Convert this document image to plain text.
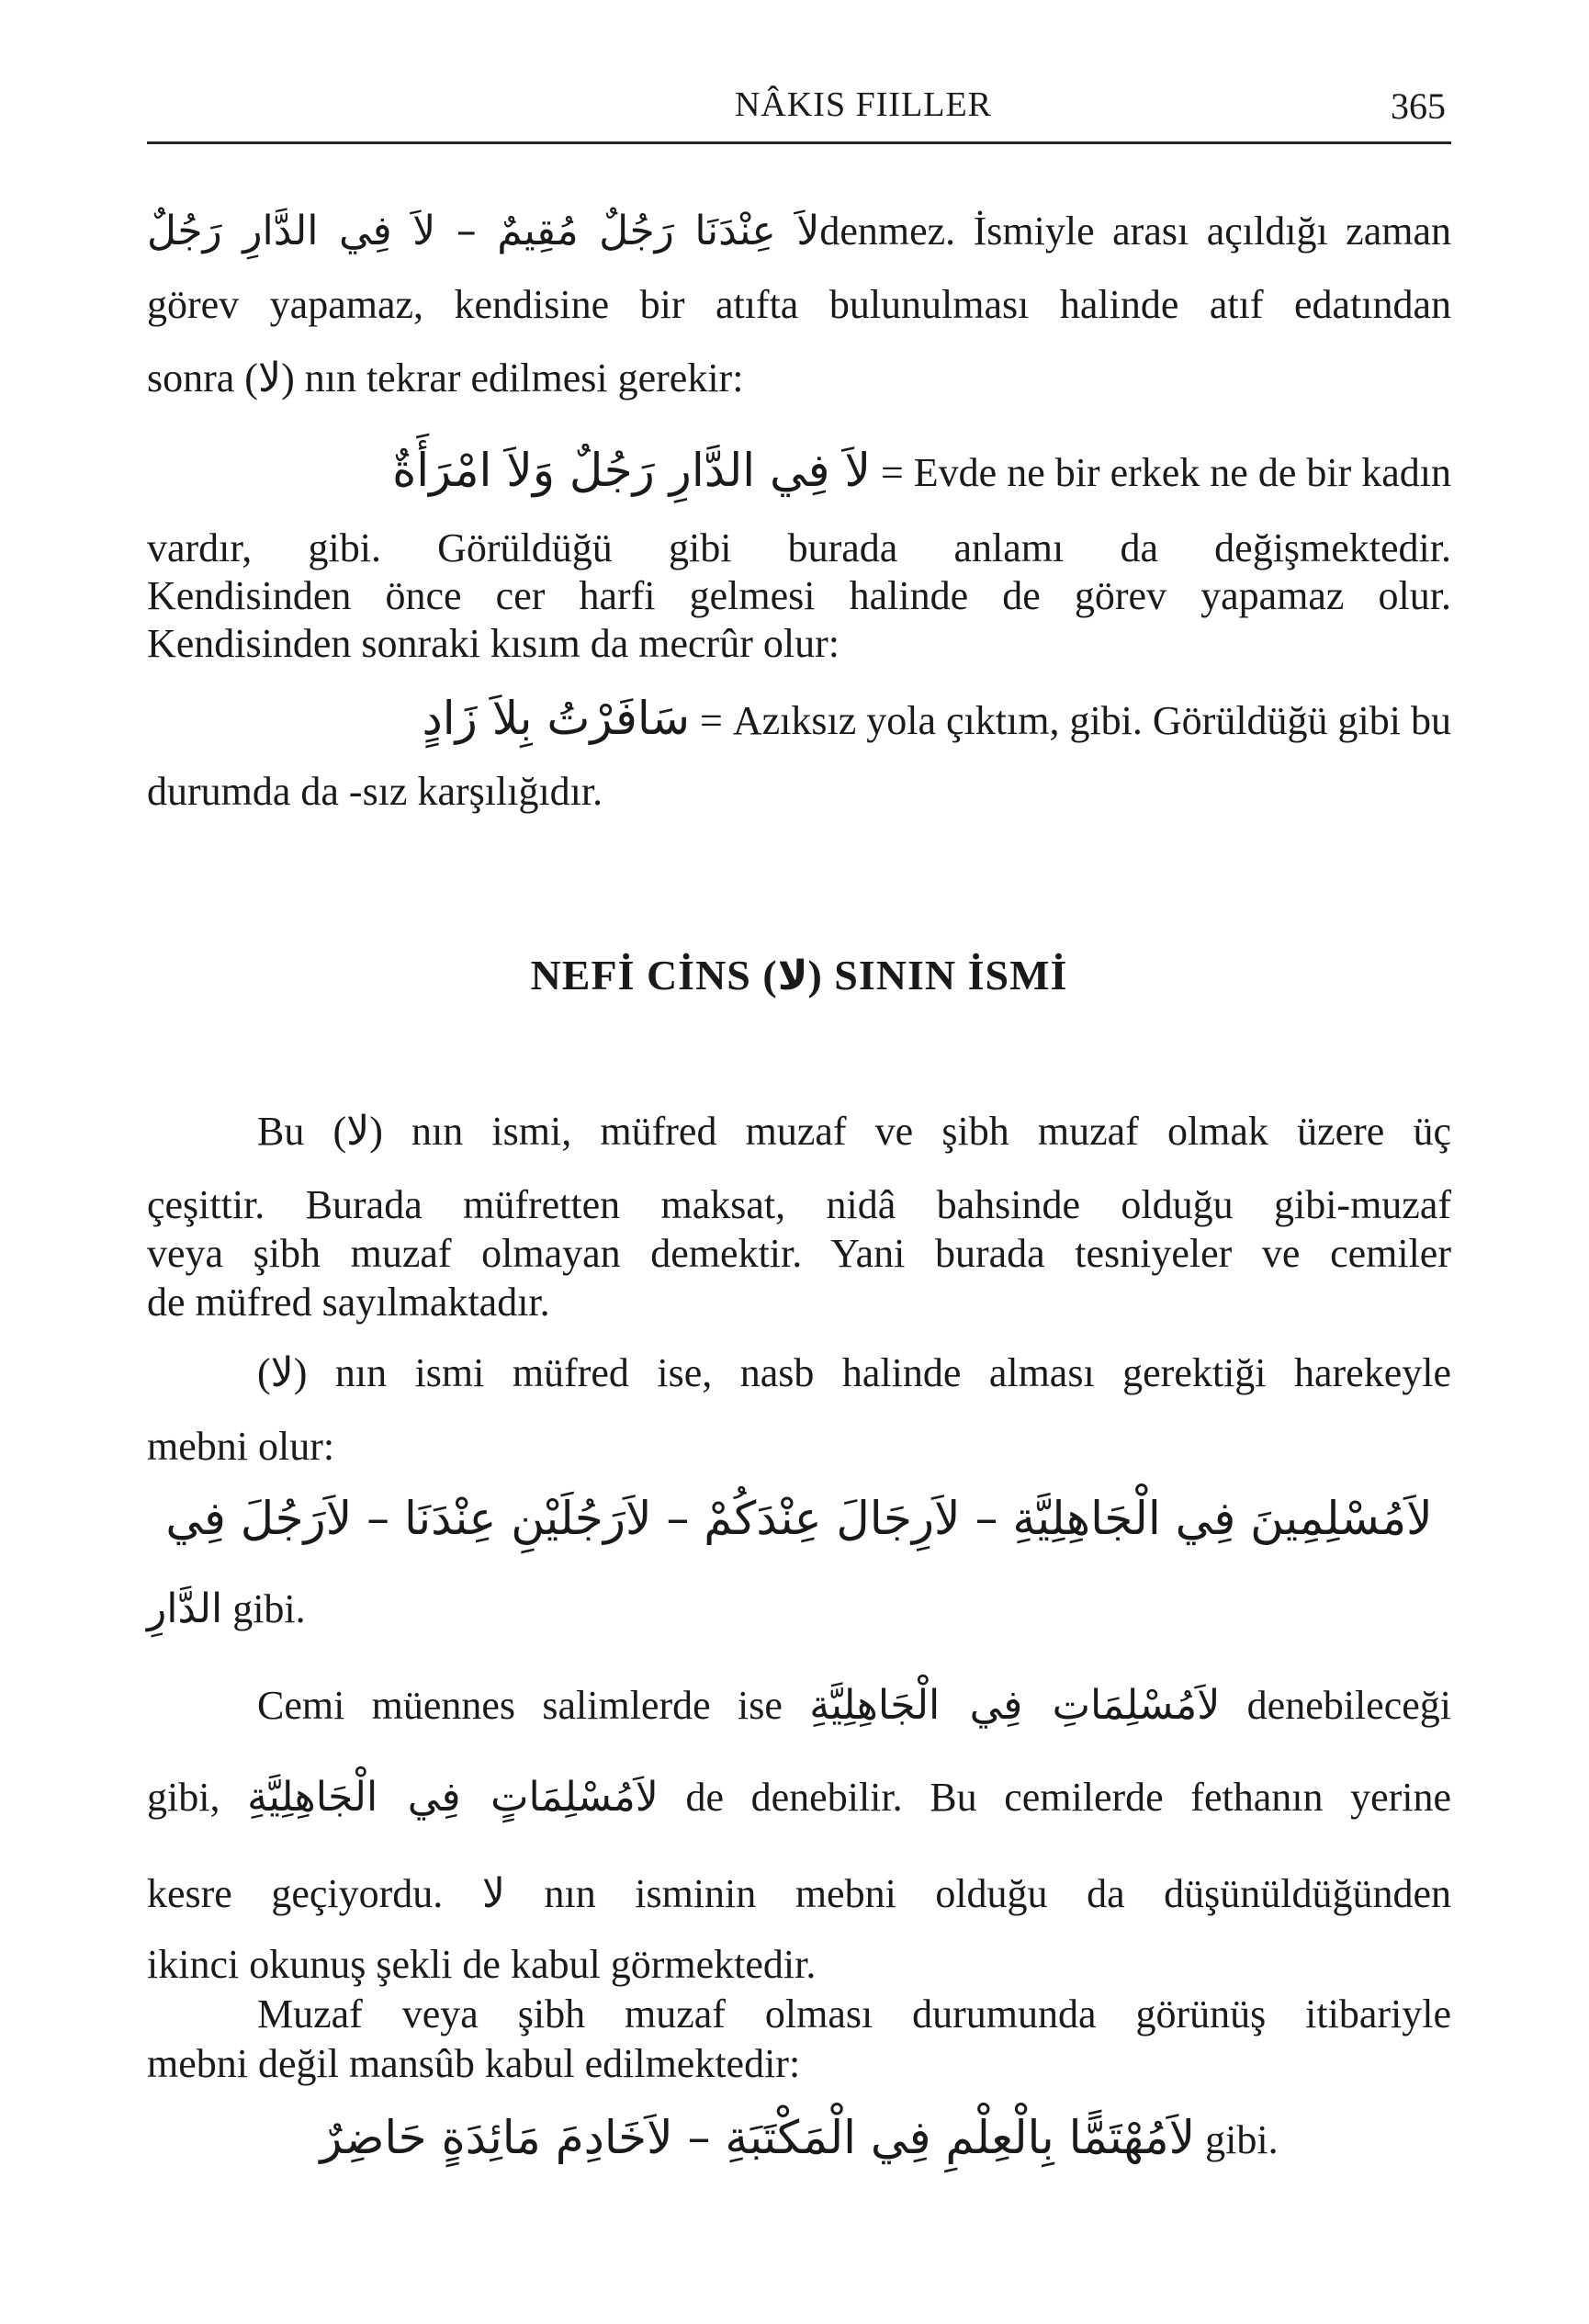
NÂKIS FIILLER	365
لاَ عِنْدَنَا رَجُلٌ مُقِيمٌ – لاَ فِي الدَّارِ رَجُلٌdenmez. İsmiyle arası açıldığı zaman
görev yapamaz, kendisine bir atıfta bulunulması halinde atıf edatından
sonra (لا) nın tekrar edilmesi gerekir:
لاَ فِي الدَّارِ رَجُلٌ وَلاَ امْرَأَةٌ = Evde ne bir erkek ne de bir kadın
vardır, gibi. Görüldüğü gibi burada anlamı da değişmektedir.
Kendisinden önce cer harfi gelmesi halinde de görev yapamaz olur.
Kendisinden sonraki kısım da mecrûr olur:
سَافَرْتُ بِلاَ زَادٍ = Azıksız yola çıktım, gibi. Görüldüğü gibi bu
durumda da -sız karşılığıdır.
NEFİ CİNS (لا) SININ İSMİ
Bu (لا) nın ismi, müfred muzaf ve şibh muzaf olmak üzere üç
çeşittir. Burada müfretten maksat, nidâ bahsinde olduğu gibi-muzaf
veya şibh muzaf olmayan demektir. Yani burada tesniyeler ve cemiler
de müfred sayılmaktadır.
(لا) nın ismi müfred ise, nasb halinde alması gerektiği harekeyle
mebni olur:
لاَمُسْلِمِينَ فِي الْجَاهِلِيَّةِ – لاَرِجَالَ عِنْدَكُمْ – لاَرَجُلَيْنِ عِنْدَنَا – لاَرَجُلَ فِي
الدَّارِ gibi.
Cemi müennes salimlerde ise لاَمُسْلِمَاتِ فِي الْجَاهِلِيَّةِ denebileceği
gibi, لاَمُسْلِمَاتٍ فِي الْجَاهِلِيَّةِ de denebilir. Bu cemilerde fethanın yerine
kesre geçiyordu. لا nın isminin mebni olduğu da düşünüldüğünden
ikinci okunuş şekli de kabul görmektedir.
Muzaf veya şibh muzaf olması durumunda görünüş itibariyle
mebni değil mansûb kabul edilmektedir:
لاَمُهْتَمًّا بِالْعِلْمِ فِي الْمَكْتَبَةِ – لاَخَادِمَ مَائِدَةٍ حَاضِرٌ gibi.
